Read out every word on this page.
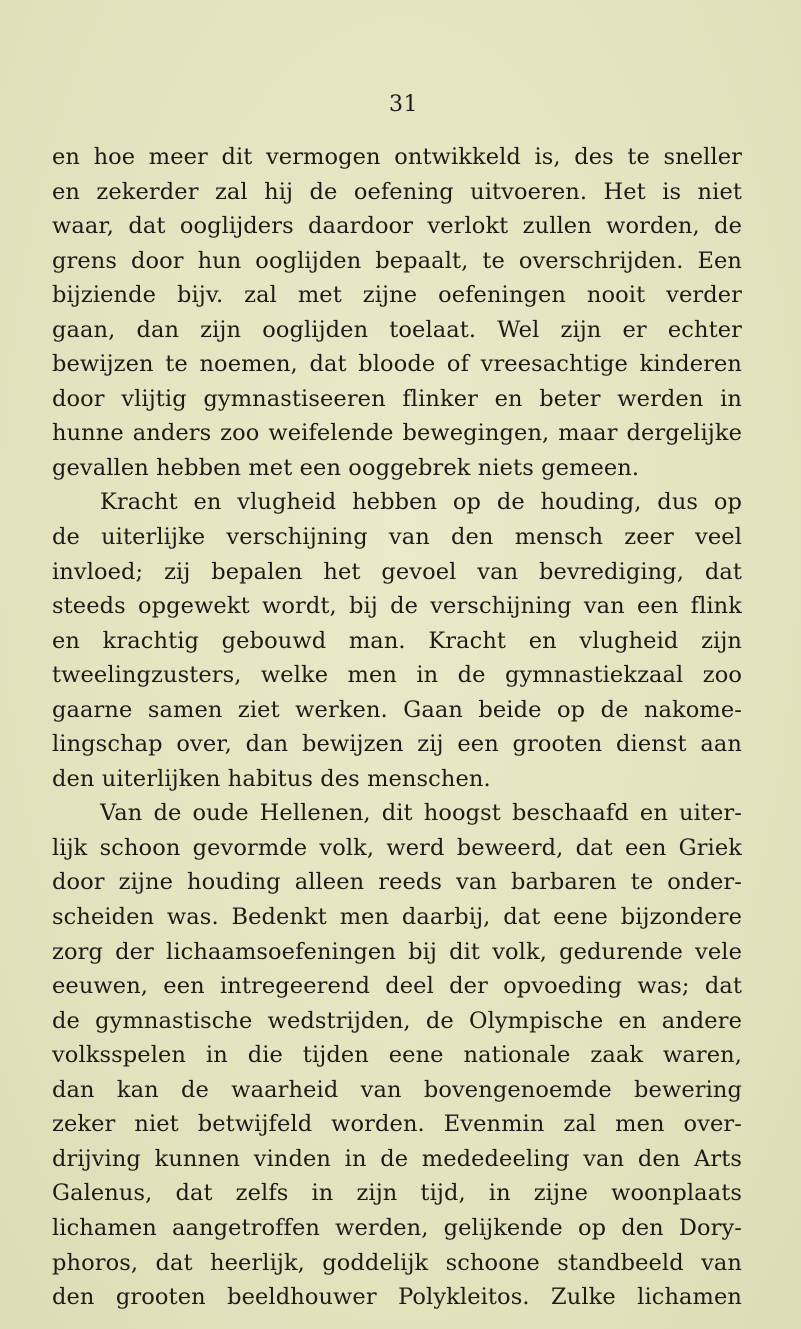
31
en hoe meer dit vermogen ontwikkeld is, des te sneller
en zekerder zal hij de oefening uitvoeren. Het is niet
waar, dat ooglijders daardoor verlokt zullen worden, de
grens door hun ooglijden bepaalt, te overschrijden. Een
bijziende bijv. zal met zijne oefeningen nooit verder
gaan, dan zijn ooglijden toelaat. Wel zijn er echter
bewijzen te noemen, dat bloode of vreesachtige kinderen
door vlijtig gymnastiseeren flinker en beter werden in
hunne anders zoo weifelende bewegingen, maar dergelijke
gevallen hebben met een ooggebrek niets gemeen.
Kracht en vlugheid hebben op de houding, dus op
de uiterlijke verschijning van den mensch zeer veel
invloed; zij bepalen het gevoel van bevrediging, dat
steeds opgewekt wordt, bij de verschijning van een flink
en krachtig gebouwd man. Kracht en vlugheid zijn
tweelingzusters, welke men in de gymnastiekzaal zoo
gaarne samen ziet werken. Gaan beide op de nakome-
lingschap over, dan bewijzen zij een grooten dienst aan
den uiterlijken habitus des menschen.
Van de oude Hellenen, dit hoogst beschaafd en uiter-
lijk schoon gevormde volk, werd beweerd, dat een Griek
door zijne houding alleen reeds van barbaren te onder-
scheiden was. Bedenkt men daarbij, dat eene bijzondere
zorg der lichaamsoefeningen bij dit volk, gedurende vele
eeuwen, een intregeerend deel der opvoeding was; dat
de gymnastische wedstrijden, de Olympische en andere
volksspelen in die tijden eene nationale zaak waren,
dan kan de waarheid van bovengenoemde bewering
zeker niet betwijfeld worden. Evenmin zal men over-
drijving kunnen vinden in de mededeeling van den Arts
Galenus, dat zelfs in zijn tijd, in zijne woonplaats
lichamen aangetroffen werden, gelijkende op den Dory-
phoros, dat heerlijk, goddelijk schoone standbeeld van
den grooten beeldhouwer Polykleitos. Zulke lichamen
